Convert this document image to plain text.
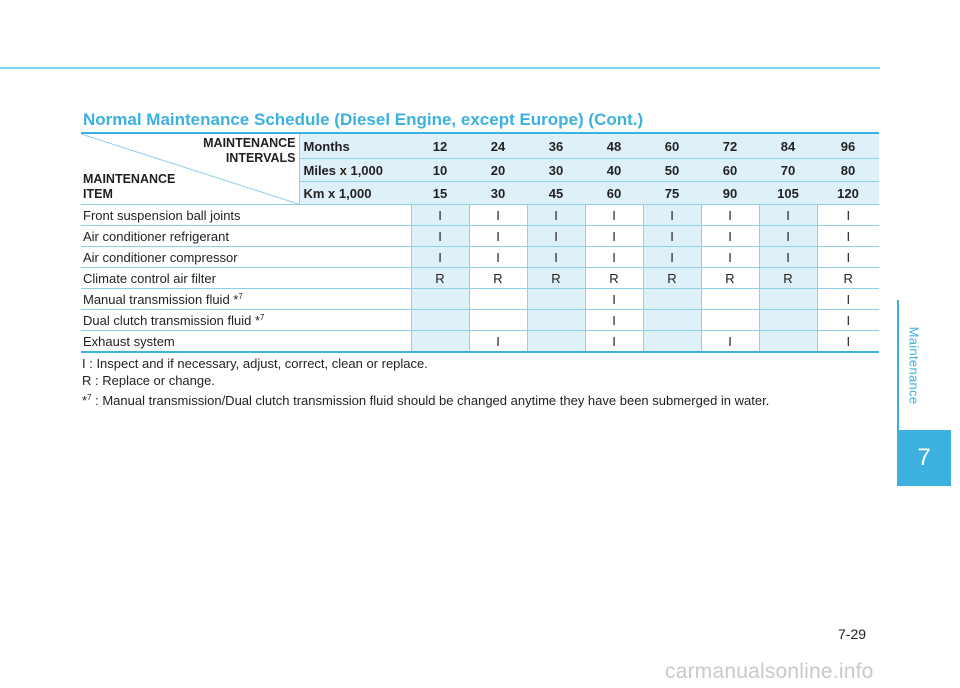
Normal Maintenance Schedule (Diesel Engine, except Europe) (Cont.)
MAINTENANCE
INTERVALS
MAINTENANCE
ITEM	Months	12	24	36	48	60	72	84	96
	Miles x 1,000	10	20	30	40	50	60	70	80
	Km x 1,000	15	30	45	60	75	90	105	120
Front suspension ball joints		I	I	I	I	I	I	I	I
Air conditioner refrigerant		I	I	I	I	I	I	I	I
Air conditioner compressor		I	I	I	I	I	I	I	I
Climate control air filter		R	R	R	R	R	R	R	R
Manual transmission fluid *$^7$					I				I
Dual clutch transmission fluid *$^7$					I				I
Exhaust system			I		I		I		I
I : Inspect and if necessary, adjust, correct, clean or replace.
R : Replace or change.
*$^7$ : Manual transmission/Dual clutch transmission fluid should be changed anytime they have been submerged in water.	Maintenance
7
7-29
carmanualsonline.info
